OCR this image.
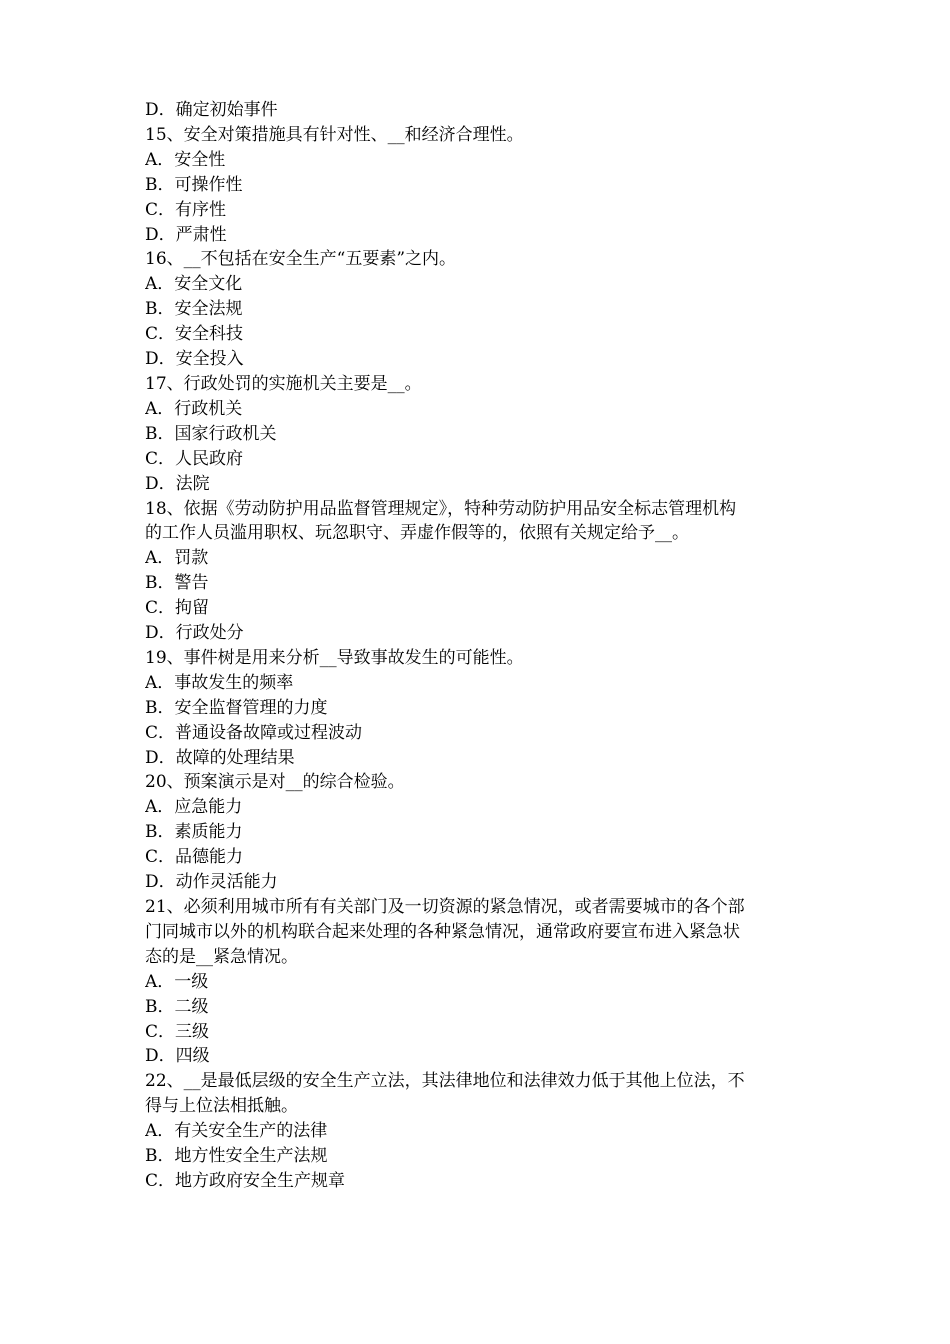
D．确定初始事件
15、安全对策措施具有针对性、__和经济合理性。
A．安全性
B．可操作性
C．有序性
D．严肃性
16、__不包括在安全生产“五要素”之内。
A．安全文化
B．安全法规
C．安全科技
D．安全投入
17、行政处罚的实施机关主要是__。
A．行政机关
B．国家行政机关
C．人民政府
D．法院
18、依据《劳动防护用品监督管理规定》，特种劳动防护用品安全标志管理机构
的工作人员滥用职权、玩忽职守、弄虚作假等的，依照有关规定给予__。
A．罚款
B．警告
C．拘留
D．行政处分
19、事件树是用来分析__导致事故发生的可能性。
A．事故发生的频率
B．安全监督管理的力度
C．普通设备故障或过程波动
D．故障的处理结果
20、预案演示是对__的综合检验。
A．应急能力
B．素质能力
C．品德能力
D．动作灵活能力
21、必须利用城市所有有关部门及一切资源的紧急情况，或者需要城市的各个部
门同城市以外的机构联合起来处理的各种紧急情况，通常政府要宣布进入紧急状
态的是__紧急情况。
A．一级
B．二级
C．三级
D．四级
22、__是最低层级的安全生产立法，其法律地位和法律效力低于其他上位法，不
得与上位法相抵触。
A．有关安全生产的法律
B．地方性安全生产法规
C．地方政府安全生产规章
